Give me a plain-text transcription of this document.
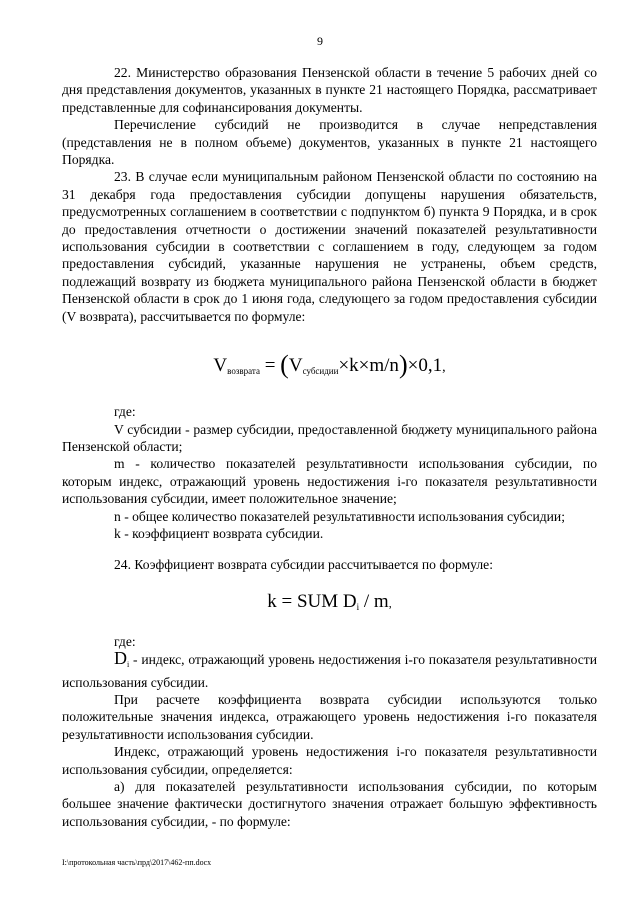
9

22. Министерство образования Пензенской области в течение 5 рабочих дней со дня представления документов, указанных в пункте 21 настоящего Порядка, рассматривает представленные для софинансирования документы.

Перечисление субсидий не производится в случае непредставления (представления не в полном объеме) документов, указанных в пункте 21 настоящего Порядка.

23. В случае если муниципальным районом Пензенской области по состоянию на 31 декабря года предоставления субсидии допущены нарушения обязательств, предусмотренных соглашением в соответствии с подпунктом б) пункта 9 Порядка, и в срок до предоставления отчетности о достижении значений показателей результативности использования субсидии в соответствии с соглашением в году, следующем за годом предоставления субсидий, указанные нарушения не устранены, объем средств, подлежащий возврату из бюджета муниципального района Пензенской области в бюджет Пензенской области в срок до 1 июня года, следующего за годом предоставления субсидии (V возврата), рассчитывается по формуле:

$V_{возврата} = (V_{субсидии}\times k\times m/n)\times 0,1$,

где:

V субсидии - размер субсидии, предоставленной бюджету муниципального района Пензенской области;

m - количество показателей результативности использования субсидии, по которым индекс, отражающий уровень недостижения i-го показателя результативности использования субсидии, имеет положительное значение;

n - общее количество показателей результативности использования субсидии;

k - коэффициент возврата субсидии.

24. Коэффициент возврата субсидии рассчитывается по формуле:

k = SUM $D_i$ / m,

где:

$D_i$ - индекс, отражающий уровень недостижения i-го показателя результативности использования субсидии.

При расчете коэффициента возврата субсидии используются только положительные значения индекса, отражающего уровень недостижения i-го показателя результативности использования субсидии.

Индекс, отражающий уровень недостижения i-го показателя результативности использования субсидии, определяется:

а) для показателей результативности использования субсидии, по которым большее значение фактически достигнутого значения отражает большую эффективность использования субсидии, - по формуле:

I:\протокольная часть\прд\2017\462-пп.docx
